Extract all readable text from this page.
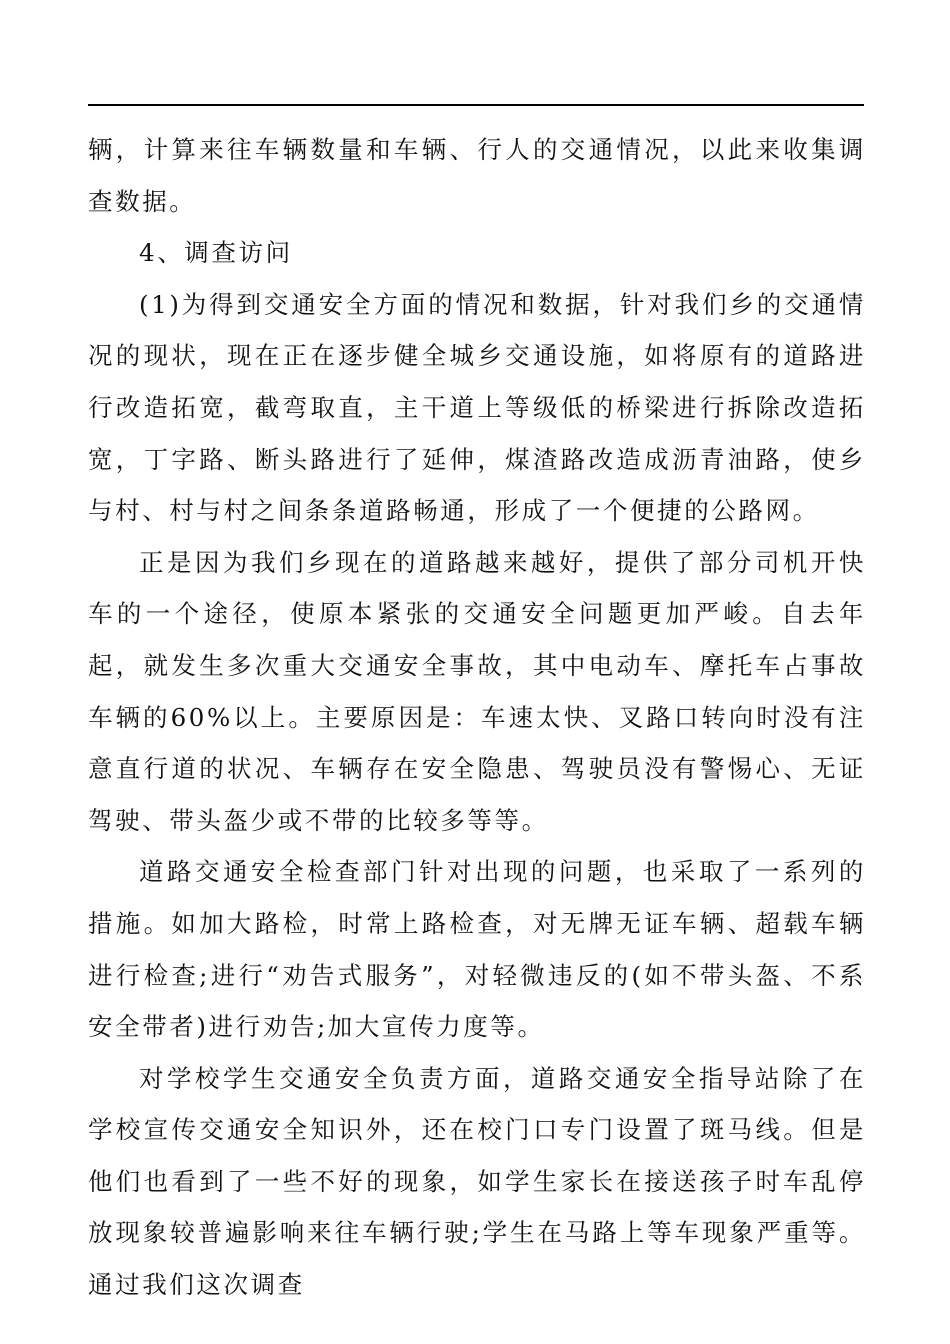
辆，计算来往车辆数量和车辆、行人的交通情况，以此来收集调查数据。

4、调查访问

(1)为得到交通安全方面的情况和数据，针对我们乡的交通情况的现状，现在正在逐步健全城乡交通设施，如将原有的道路进行改造拓宽，截弯取直，主干道上等级低的桥梁进行拆除改造拓宽，丁字路、断头路进行了延伸，煤渣路改造成沥青油路，使乡与村、村与村之间条条道路畅通，形成了一个便捷的公路网。

正是因为我们乡现在的道路越来越好，提供了部分司机开快车的一个途径，使原本紧张的交通安全问题更加严峻。自去年起，就发生多次重大交通安全事故，其中电动车、摩托车占事故车辆的60%以上。主要原因是：车速太快、叉路口转向时没有注意直行道的状况、车辆存在安全隐患、驾驶员没有警惕心、无证驾驶、带头盔少或不带的比较多等等。

道路交通安全检查部门针对出现的问题，也采取了一系列的措施。如加大路检，时常上路检查，对无牌无证车辆、超载车辆进行检查;进行“劝告式服务”，对轻微违反的(如不带头盔、不系安全带者)进行劝告;加大宣传力度等。

对学校学生交通安全负责方面，道路交通安全指导站除了在学校宣传交通安全知识外，还在校门口专门设置了斑马线。但是他们也看到了一些不好的现象，如学生家长在接送孩子时车乱停放现象较普遍影响来往车辆行驶;学生在马路上等车现象严重等。通过我们这次调查
